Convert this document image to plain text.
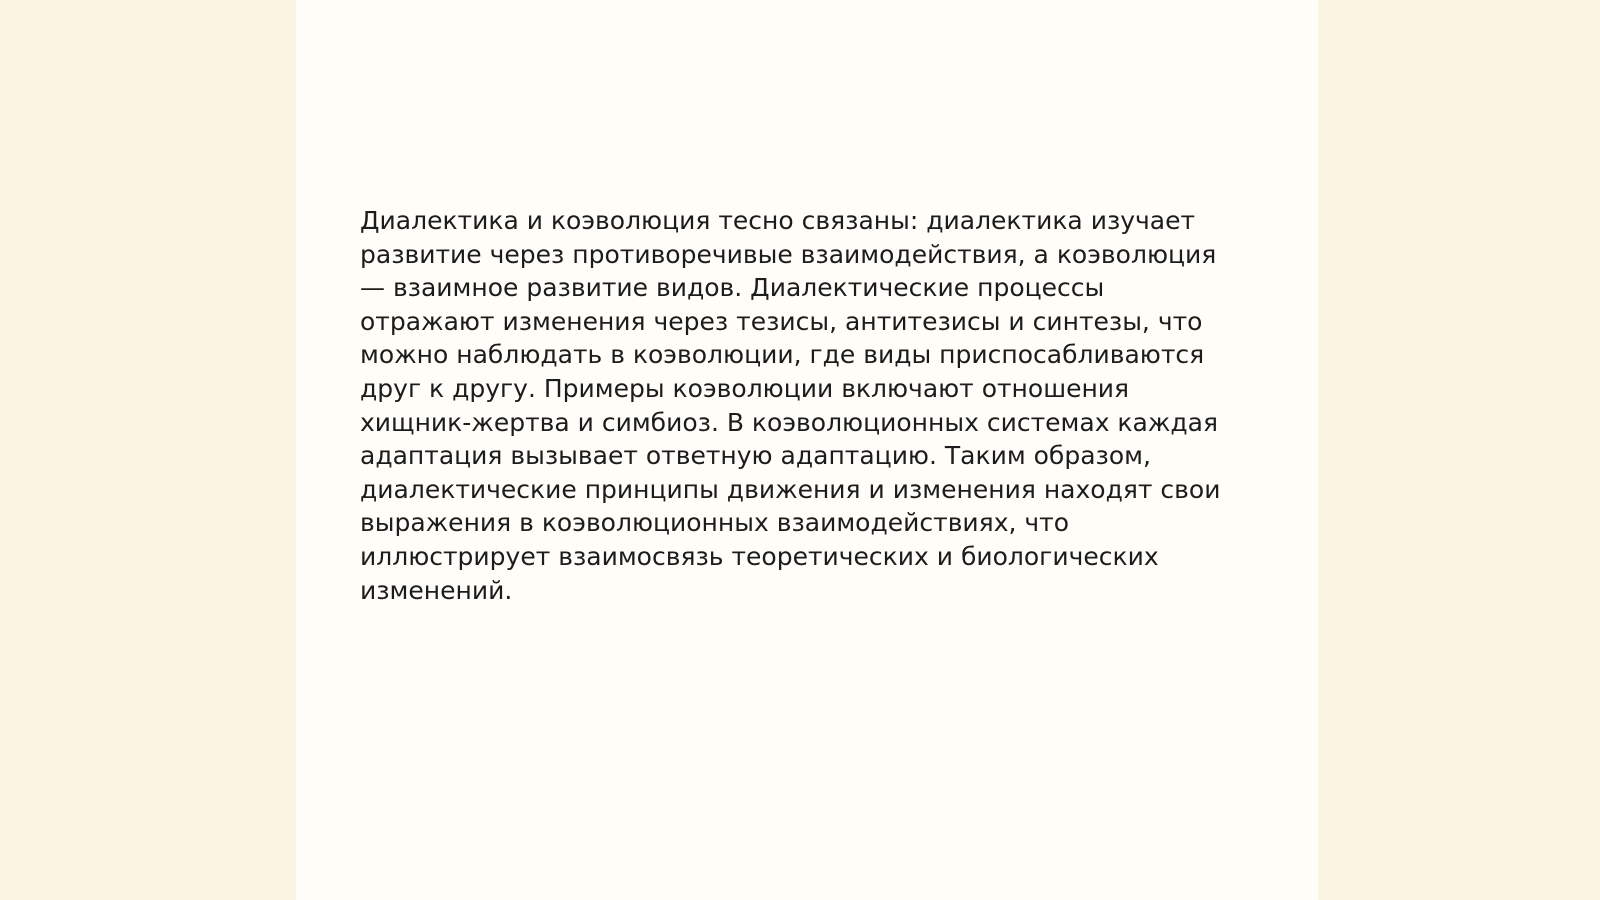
Диалектика и коэволюция тесно связаны: диалектика изучает развитие через противоречивые взаимодействия, а коэволюция — взаимное развитие видов. Диалектические процессы отражают изменения через тезисы, антитезисы и синтезы, что можно наблюдать в коэволюции, где виды приспосабливаются друг к другу. Примеры коэволюции включают отношения хищник-жертва и симбиоз. В коэволюционных системах каждая адаптация вызывает ответную адаптацию. Таким образом, диалектические принципы движения и изменения находят свои выражения в коэволюционных взаимодействиях, что иллюстрирует взаимосвязь теоретических и биологических изменений.
